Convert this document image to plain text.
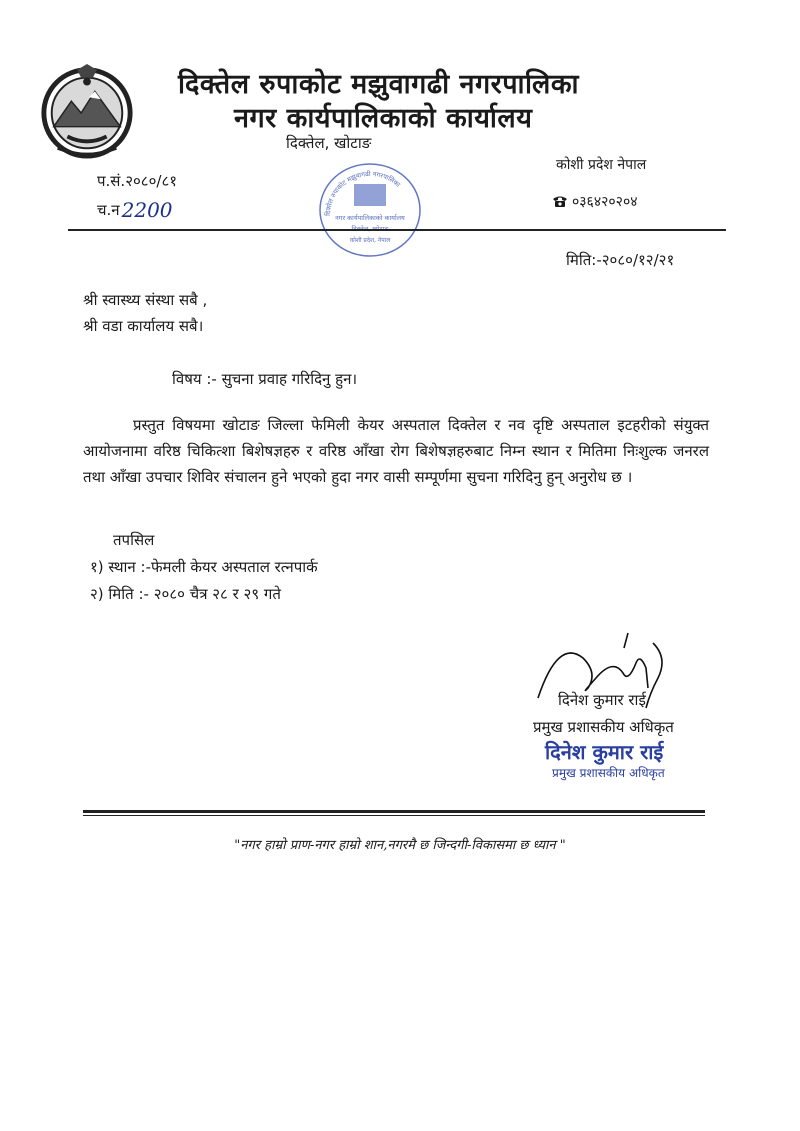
दिक्तेल रुपाकोट मझुवागढी नगरपालिका
नगर कार्यपालिकाको कार्यालय
दिक्तेल, खोटाङ
कोशी प्रदेश नेपाल
०३६४२०२०४
प.सं.२०८०/८१
च.न 2200	दिक्तेल रुपाकोट मझुवागढी नगरपालिका
नगर कार्यपालिकाको कार्यालय
कोशी प्रदेश, नेपाल
मिति:-२०८०/१२/२१
श्री स्वास्थ्य संस्था सबै ,
श्री वडा कार्यालय सबै।
विषय :- सुचना प्रवाह गरिदिनु हुन।
प्रस्तुत विषयमा खोटाङ जिल्ला फेमिली केयर अस्पताल दिक्तेल र नव दृष्टि अस्पताल इटहरीको संयुक्त आयोजनामा वरिष्ठ चिकित्शा बिशेषज्ञहरु र वरिष्ठ आँखा रोग बिशेषज्ञहरुबाट निम्न स्थान र मितिमा निःशुल्क जनरल तथा आँखा उपचार शिविर संचालन हुने भएको हुदा नगर वासी सम्पूर्णमा सुचना गरिदिनु हुन् अनुरोध छ ।
तपसिल
१) स्थान :-फेमली केयर अस्पताल रत्नपार्क
२) मिति :- २०८० चैत्र २८ र २९ गते
दिनेश कुमार राई
प्रमुख प्रशासकीय अधिकृत
दिनेश कुमार राई
प्रमुख प्रशासकीय अधिकृत
"नगर हाम्रो प्राण-नगर हाम्रो शान,नगरमै छ जिन्दगी-विकासमा छ ध्यान "
